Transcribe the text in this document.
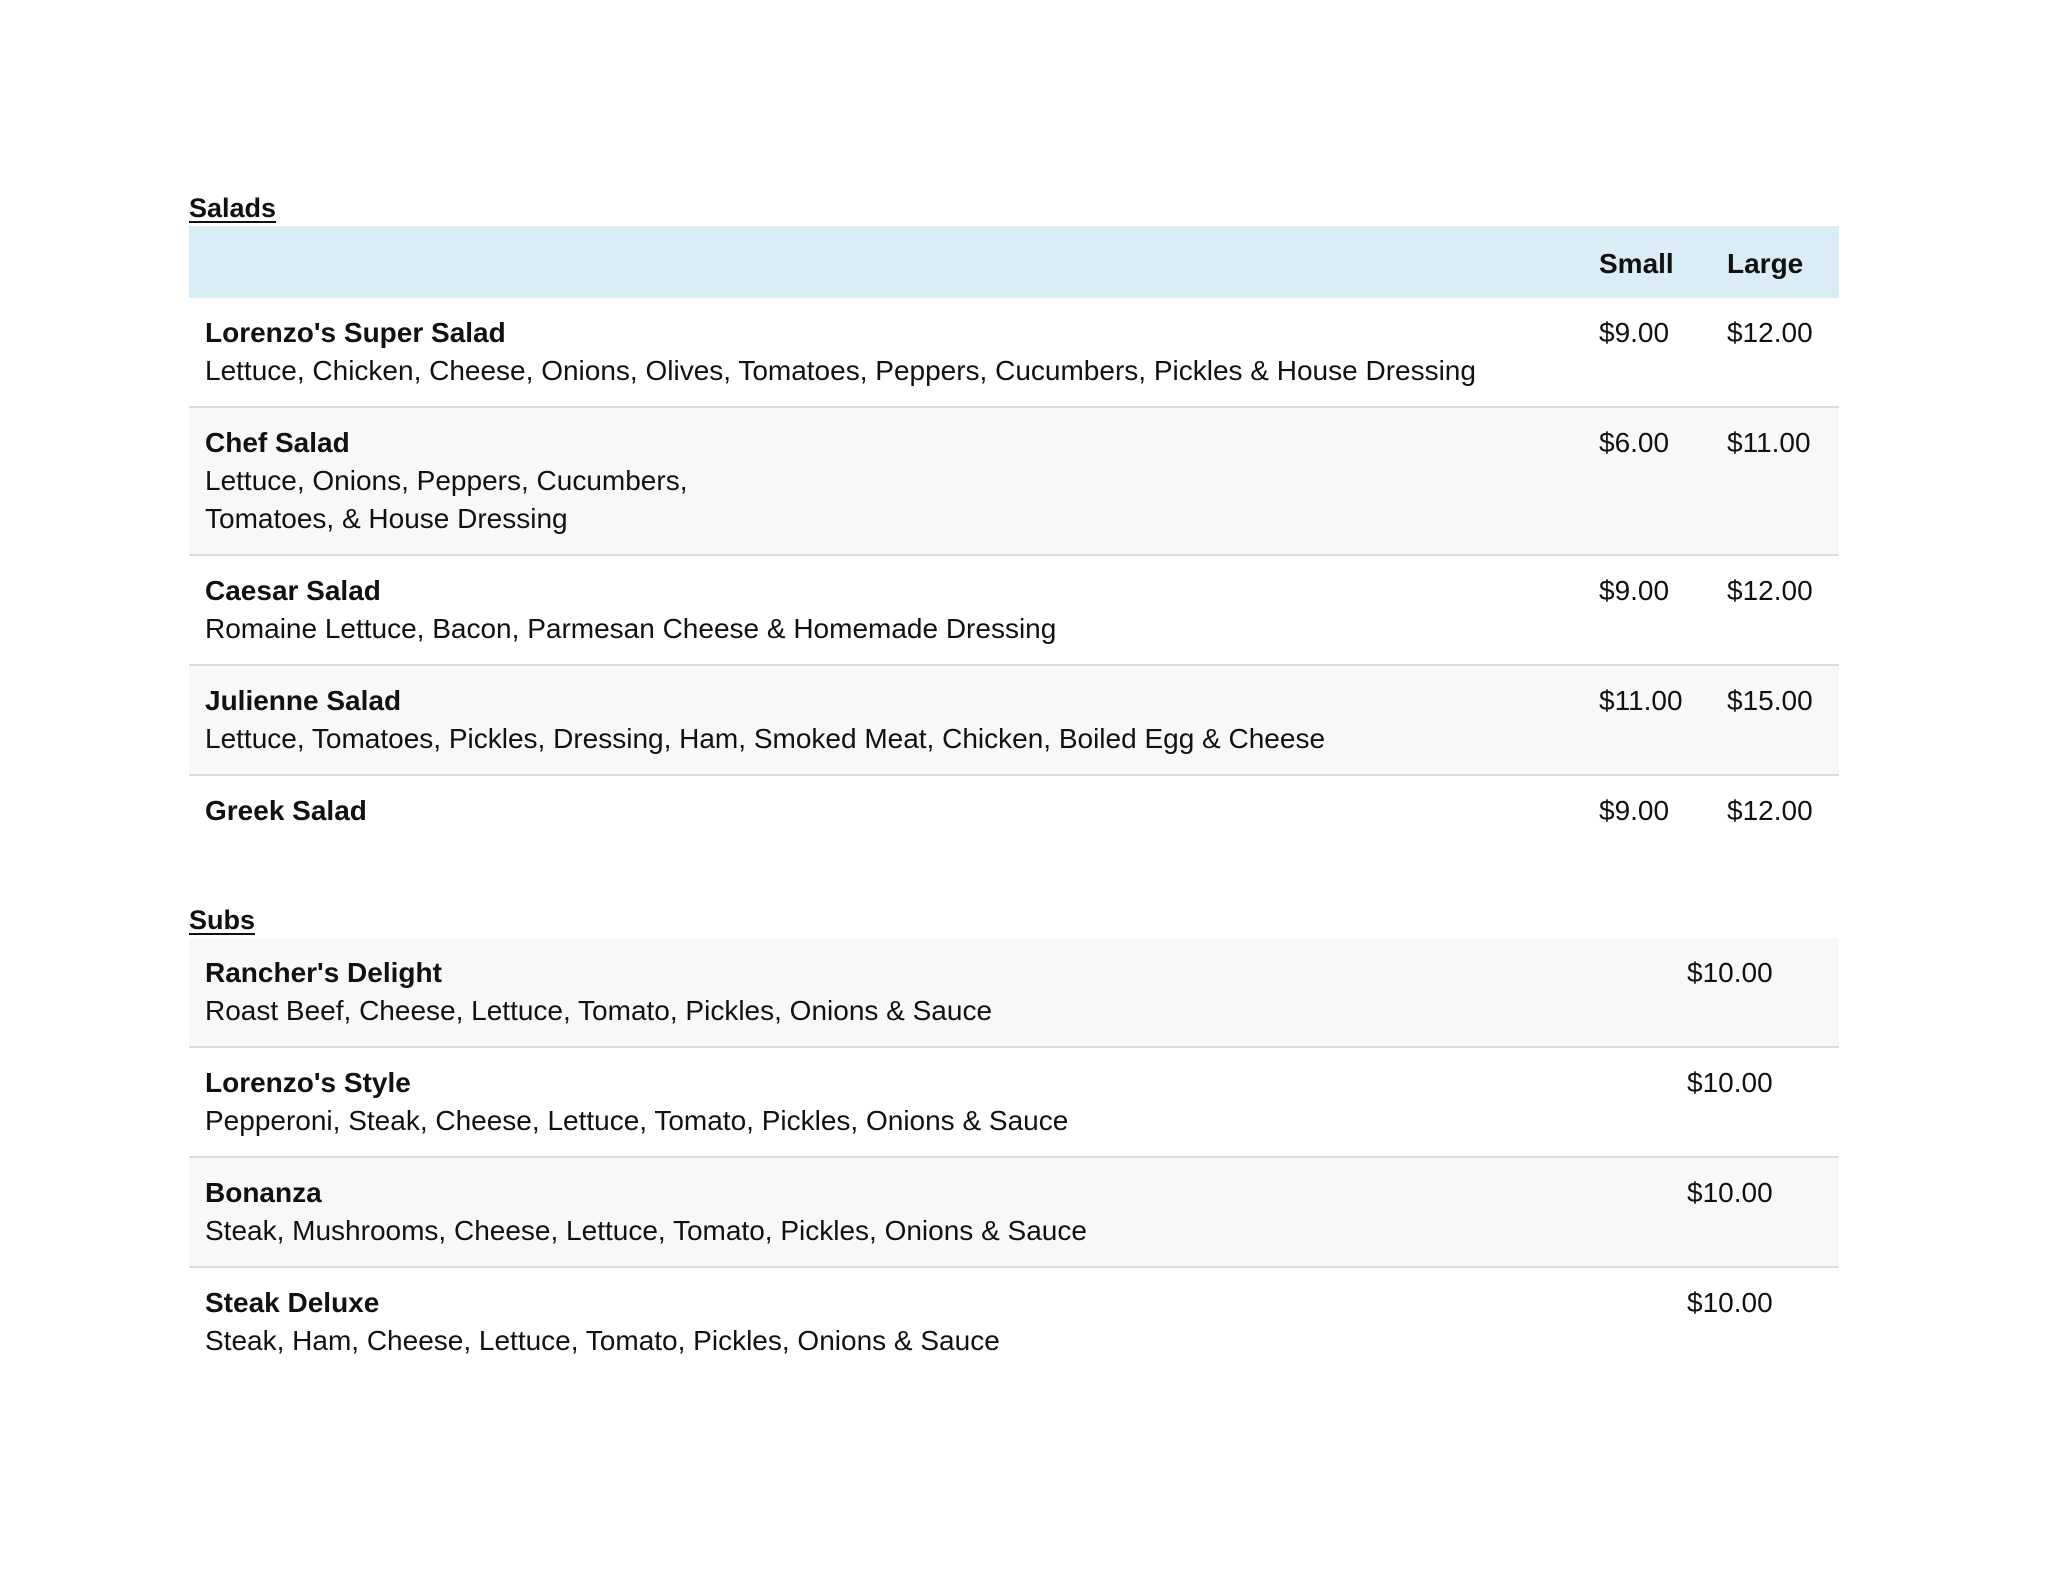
Salads
Small Large
Lorenzo's Super Salad
Lettuce, Chicken, Cheese, Onions, Olives, Tomatoes, Peppers, Cucumbers, Pickles & House Dressing
$9.00 $12.00
Chef Salad
Lettuce, Onions, Peppers, Cucumbers,
Tomatoes, & House Dressing
$6.00 $11.00
Caesar Salad
Romaine Lettuce, Bacon, Parmesan Cheese & Homemade Dressing
$9.00 $12.00
Julienne Salad
Lettuce, Tomatoes, Pickles, Dressing, Ham, Smoked Meat, Chicken, Boiled Egg & Cheese
$11.00 $15.00
Greek Salad	$9.00 $12.00
Subs
Rancher's Delight
Roast Beef, Cheese, Lettuce, Tomato, Pickles, Onions & Sauce
$10.00
Lorenzo's Style
Pepperoni, Steak, Cheese, Lettuce, Tomato, Pickles, Onions & Sauce
$10.00
Bonanza
Steak, Mushrooms, Cheese, Lettuce, Tomato, Pickles, Onions & Sauce
$10.00
Steak Deluxe
Steak, Ham, Cheese, Lettuce, Tomato, Pickles, Onions & Sauce
$10.00
